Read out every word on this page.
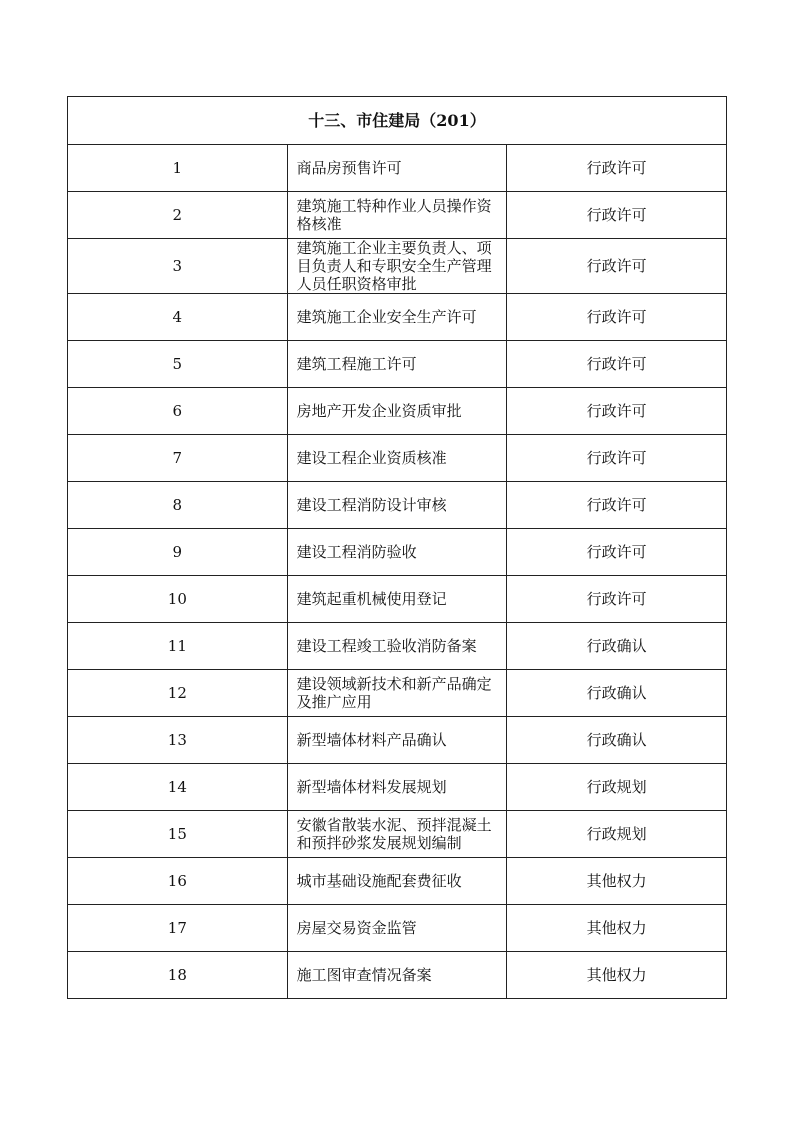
十三、市住建局（201）		
1	商品房预售许可	行政许可
2	建筑施工特种作业人员操作资格核准	行政许可
3	建筑施工企业主要负责人、项目负责人和专职安全生产管理人员任职资格审批	行政许可
4	建筑施工企业安全生产许可	行政许可
5	建筑工程施工许可	行政许可
6	房地产开发企业资质审批	行政许可
7	建设工程企业资质核准	行政许可
8	建设工程消防设计审核	行政许可
9	建设工程消防验收	行政许可
10	建筑起重机械使用登记	行政许可
11	建设工程竣工验收消防备案	行政确认
12	建设领域新技术和新产品确定及推广应用	行政确认
13	新型墙体材料产品确认	行政确认
14	新型墙体材料发展规划	行政规划
15	安徽省散装水泥、预拌混凝土和预拌砂浆发展规划编制	行政规划
16	城市基础设施配套费征收	其他权力
17	房屋交易资金监管	其他权力
18	施工图审查情况备案	其他权力
